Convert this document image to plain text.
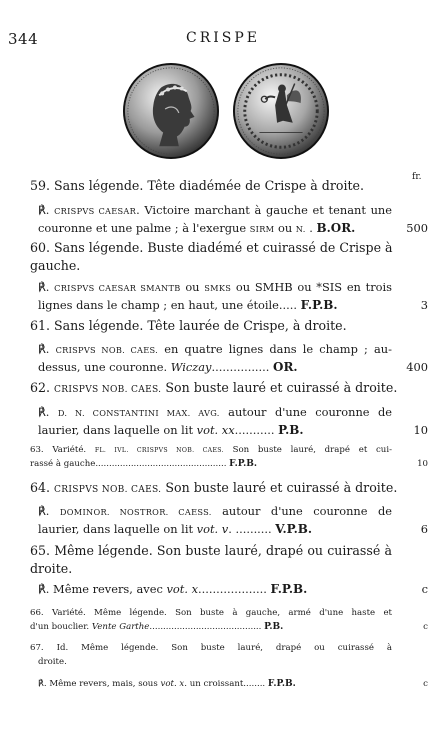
344	CRISPE
fr.
59. Sans légende. Tête diadémée de Crispe à droite.
℟. CRISPVS CAESAR. Victoire marchant à gauche et tenant une
couronne et une palme ; à l'exergue SIRM ou N. . B.OR.	500
60. Sans légende. Buste diadémé et cuirassé de Crispe à
gauche.
℟. CRISPVS CAESAR SMANTB ou SMKS ou SMHB ou *SIS en trois
lignes dans le champ ; en haut, une étoile..... F.P.B.	3
61. Sans légende. Tête laurée de Crispe, à droite.
℟. CRISPVS NOB. CAES. en quatre lignes dans le champ ; au-
dessus, une couronne. Wiczay................ OR.	400
62. CRISPVS NOB. CAES. Son buste lauré et cuirassé à droite.
℟. D. N. CONSTANTINI MAX. AVG. autour d'une couronne de
laurier, dans laquelle on lit vot. xx........... P.B.	10
63. Variété. FL. IVL. CRISPVS NOB. CAES. Son buste lauré, drapé et cui-
rassé à gauche................................................ F.P.B.	10
64. CRISPVS NOB. CAES. Son buste lauré et cuirassé à droite.
℟. DOMINOR. NOSTROR. CAESS. autour d'une couronne de
laurier, dans laquelle on lit vot. v. .......... V.P.B.	6
65. Même légende. Son buste lauré, drapé ou cuirassé à
droite.
℟. Même revers, avec vot. x................... F.P.B.	c
66. Variété. Même légende. Son buste à gauche, armé d'une haste et
d'un bouclier. Vente Garthe......................................... P.B.	c
67. Id. Même légende. Son buste lauré, drapé ou cuirassé à
droite.
℟. Même revers, mais, sous vot. x. un croissant........ F.P.B.	c
